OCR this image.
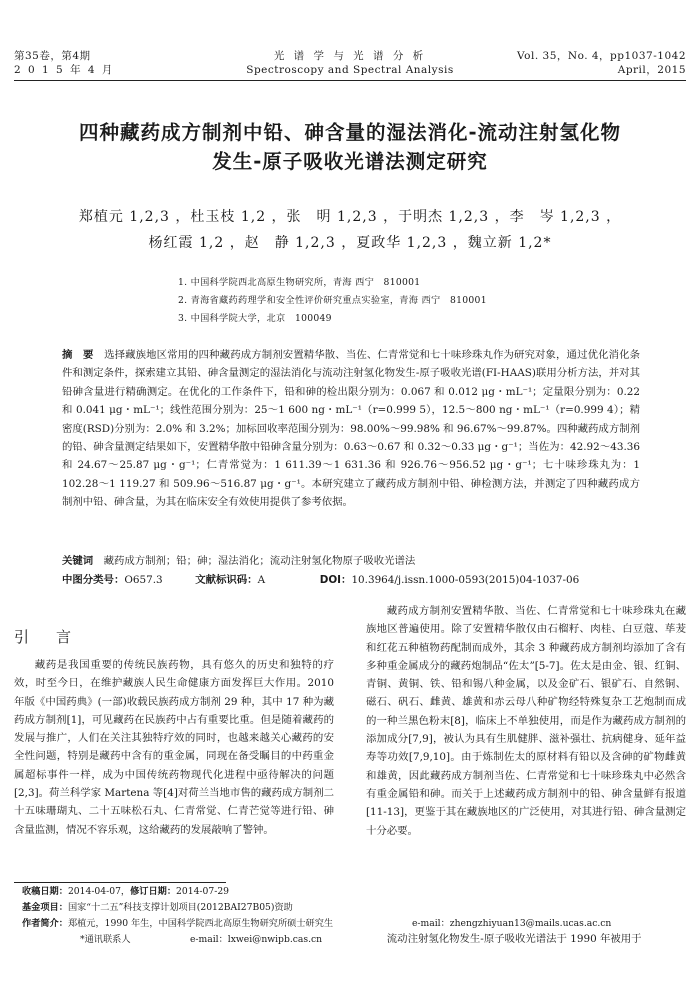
第35卷，第4期
2 0 1 5 年 4 月
光 谱 学 与 光 谱 分 析
Spectroscopy and Spectral Analysis
Vol. 35，No. 4，pp1037-1042
April，2015
四种藏药成方制剂中铅、砷含量的湿法消化-流动注射氢化物
发生-原子吸收光谱法测定研究
郑植元 1,2,3 ，杜玉枝 1,2 ，张　明 1,2,3 ，于明杰 1,2,3 ，李　岑 1,2,3 ，
杨红霞 1,2 ，赵　静 1,2,3 ，夏政华 1,2,3 ，魏立新 1,2*
1. 中国科学院西北高原生物研究所，青海 西宁　810001
2. 青海省藏药药理学和安全性评价研究重点实验室，青海 西宁　810001
3. 中国科学院大学，北京　100049
摘　要　 选择藏族地区常用的四种藏药成方制剂安置精华散、当佐、仁青常觉和七十味珍珠丸作为研究对象，通过优化消化条件和测定条件，探索建立其铅、砷含量测定的湿法消化与流动注射氢化物发生-原子吸收光谱(FI-HAAS)联用分析方法，并对其铅砷含量进行精确测定。在优化的工作条件下，铅和砷的检出限分别为：0.067 和 0.012 μg・mL⁻¹；定量限分别为：0.22 和 0.041 μg・mL⁻¹；线性范围分别为：25～1 600 ng・mL⁻¹（r=0.999 5），12.5～800 ng・mL⁻¹（r=0.999 4）；精密度(RSD)分别为：2.0% 和 3.2%；加标回收率范围分别为：98.00%～99.98% 和 96.67%～99.87%。四种藏药成方制剂的铅、砷含量测定结果如下，安置精华散中铅砷含量分别为：0.63～0.67 和 0.32～0.33 μg・g⁻¹；当佐为：42.92～43.36 和 24.67～25.87 μg・g⁻¹；仁青常觉为：1 611.39～1 631.36 和 926.76～956.52 μg・g⁻¹；七十味珍珠丸为：1 102.28～1 119.27 和 509.96～516.87 μg・g⁻¹。本研究建立了藏药成方制剂中铅、砷检测方法，并测定了四种藏药成方制剂中铅、砷含量，为其在临床安全有效使用提供了参考依据。
关键词　 藏药成方制剂；铅；砷；湿法消化；流动注射氢化物原子吸收光谱法
中图分类号：O657.3	文献标识码：A	DOI：10.3964/j.issn.1000-0593(2015)04-1037-06
引　言
藏药是我国重要的传统民族药物，具有悠久的历史和独特的疗效，时至今日，在维护藏族人民生命健康方面发挥巨大作用。2010 年版《中国药典》(一部)收载民族药成方制剂 29 种，其中 17 种为藏药成方制剂[1]，可见藏药在民族药中占有重要比重。但是随着藏药的发展与推广，人们在关注其独特疗效的同时，也越来越关心藏药的安全性问题，特别是藏药中含有的重金属，同现在备受瞩目的中药重金属超标事件一样，成为中国传统药物现代化进程中亟待解决的问题[2,3]。荷兰科学家 Martena 等[4]对荷兰当地市售的藏药成方制剂二十五味珊瑚丸、二十五味松石丸、仁青常觉、仁青芒觉等进行铅、砷含量监测，情况不容乐观，这给藏药的发展敲响了警钟。
藏药成方制剂安置精华散、当佐、仁青常觉和七十味珍珠丸在藏族地区普遍使用。除了安置精华散仅由石榴籽、肉桂、白豆蔻、荜茇和红花五种植物药配制而成外，其余 3 种藏药成方制剂均添加了含有多种重金属成分的藏药炮制品“佐太”[5-7]。佐太是由金、银、红铜、青铜、黄铜、铁、铅和锡八种金属，以及金矿石、银矿石、自然铜、磁石、矾石、雌黄、雄黄和赤云母八种矿物经特殊复杂工艺炮制而成的一种兰黑色粉末[8]，临床上不单独使用，而是作为藏药成方制剂的添加成分[7,9]，被认为具有生肌健胖、滋补强壮、抗病健身、延年益寿等功效[7,9,10]。由于炼制佐太的原材料有铅以及含砷的矿物雌黄和雄黄，因此藏药成方制剂当佐、仁青常觉和七十味珍珠丸中必然含有重金属铅和砷。而关于上述藏药成方制剂中的铅、砷含量鲜有报道[11-13]，更鉴于其在藏族地区的广泛使用，对其进行铅、砷含量测定十分必要。
流动注射氢化物发生-原子吸收光谱法于 1990 年被用于
收稿日期：2014-04-07，修订日期：2014-07-29
基金项目：国家“十二五”科技支撑计划项目(2012BAI27B05)资助
作者简介：郑植元，1990 年生，中国科学院西北高原生物研究所硕士研究生	e-mail：zhengzhiyuan13@mails.ucas.ac.cn
*通讯联系人	e-mail：lxwei@nwipb.cas.cn
